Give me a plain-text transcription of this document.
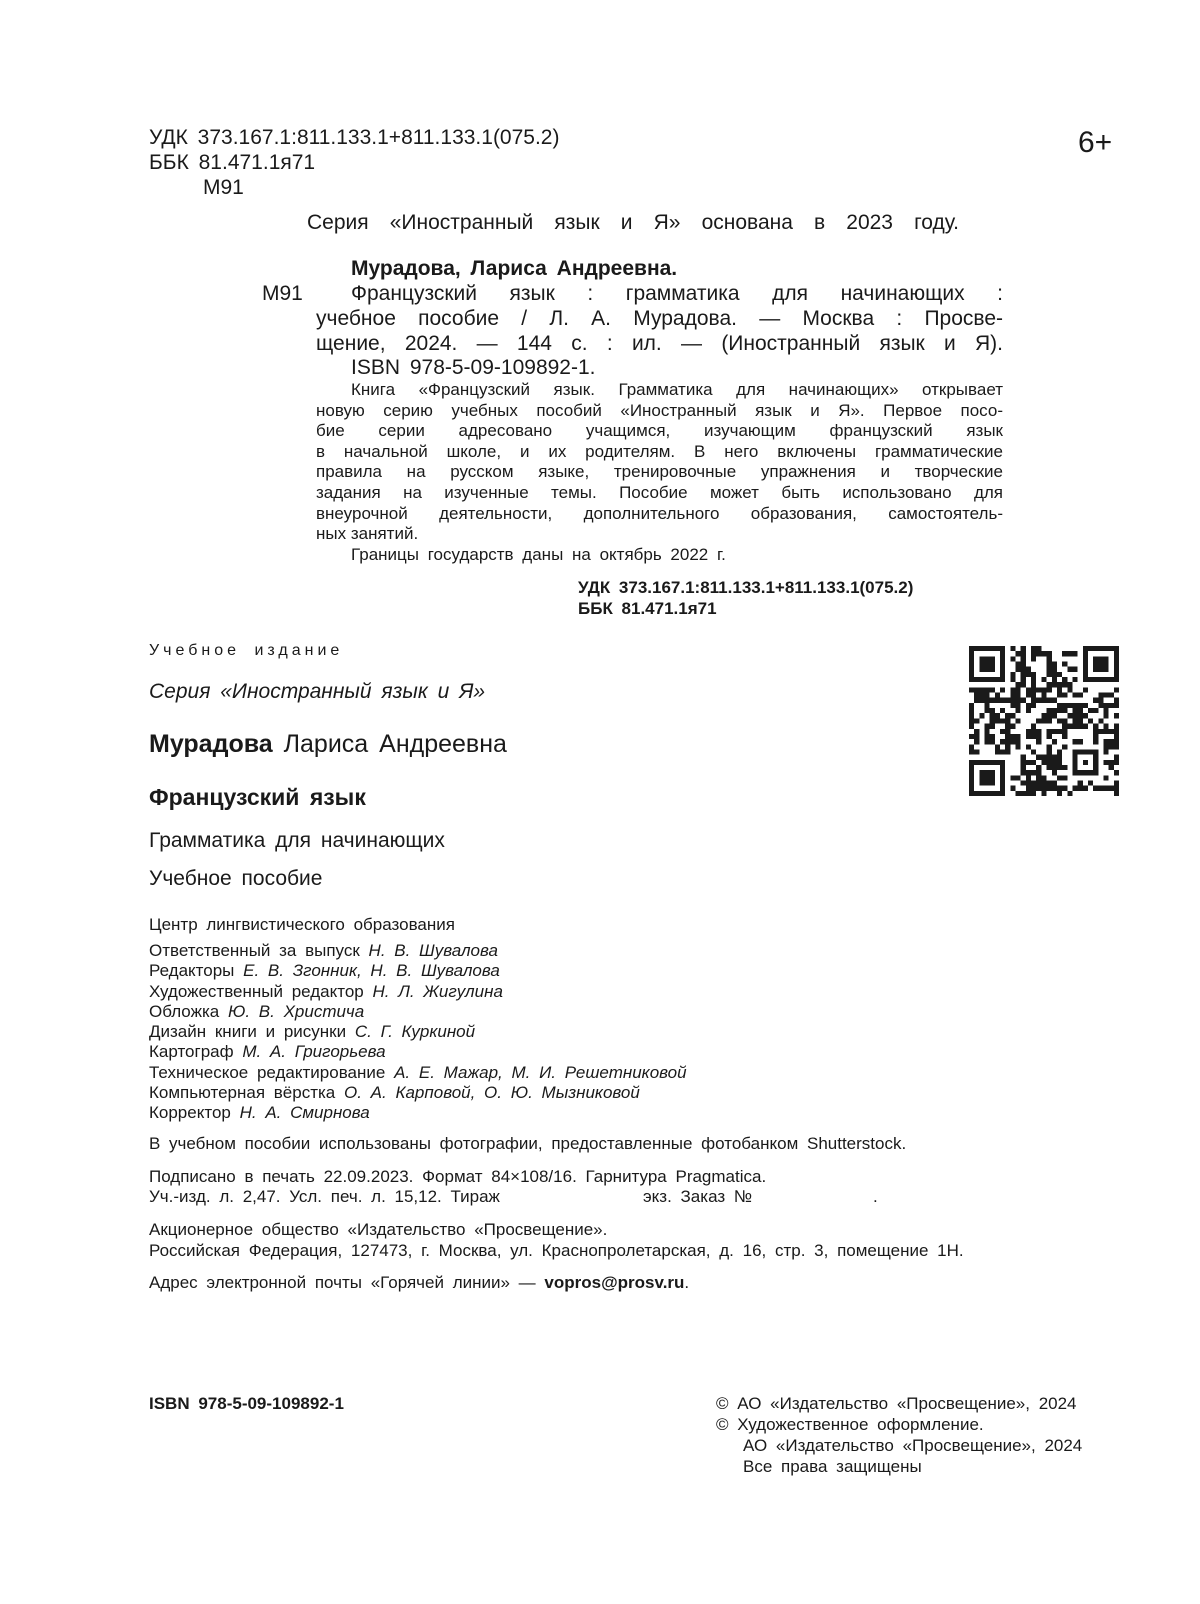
УДК 373.167.1:811.133.1+811.133.1(075.2)
ББК 81.471.1я71
М91
6+
Серия «Иностранный язык и Я» основана в 2023 году.
Мурадова, Лариса Андреевна.
М91 Французский язык : грамматика для начинающих :
учебное пособие / Л. А. Мурадова. — Москва : Просве-
щение, 2024. — 144 с. : ил. — (Иностранный язык и Я).
ISBN 978-5-09-109892-1.
Книга «Французский язык. Грамматика для начинающих» открывает
новую серию учебных пособий «Иностранный язык и Я». Первое посо-
бие серии адресовано учащимся, изучающим французский язык
в начальной школе, и их родителям. В него включены грамматические
правила на русском языке, тренировочные упражнения и творческие
задания на изученные темы. Пособие может быть использовано для
внеурочной деятельности, дополнительного образования, самостоятель-
ных занятий.
Границы государств даны на октябрь 2022 г.
УДК 373.167.1:811.133.1+811.133.1(075.2)
ББК 81.471.1я71
Учебное издание
Серия «Иностранный язык и Я»
Мурадова Лариса Андреевна
Французский язык
Грамматика для начинающих
Учебное пособие
Центр лингвистического образования
Ответственный за выпуск Н. В. Шувалова
Редакторы Е. В. Згонник, Н. В. Шувалова
Художественный редактор Н. Л. Жигулина
Обложка Ю. В. Христича
Дизайн книги и рисунки С. Г. Куркиной
Картограф М. А. Григорьева
Техническое редактирование А. Е. Мажар, М. И. Решетниковой
Компьютерная вёрстка О. А. Карповой, О. Ю. Мызниковой
Корректор Н. А. Смирнова
В учебном пособии использованы фотографии, предоставленные фотобанком Shutterstock.
Подписано в печать 22.09.2023. Формат 84×108/16. Гарнитура Pragmatica.
Уч.-изд. л. 2,47. Усл. печ. л. 15,12. Тираж	экз. Заказ №	.
Акционерное общество «Издательство «Просвещение».
Российская Федерация, 127473, г. Москва, ул. Краснопролетарская, д. 16, стр. 3, помещение 1Н.
Адрес электронной почты «Горячей линии» — vopros@prosv.ru.
ISBN 978-5-09-109892-1	© АО «Издательство «Просвещение», 2024
© Художественное оформление.
АО «Издательство «Просвещение», 2024
Все права защищены
